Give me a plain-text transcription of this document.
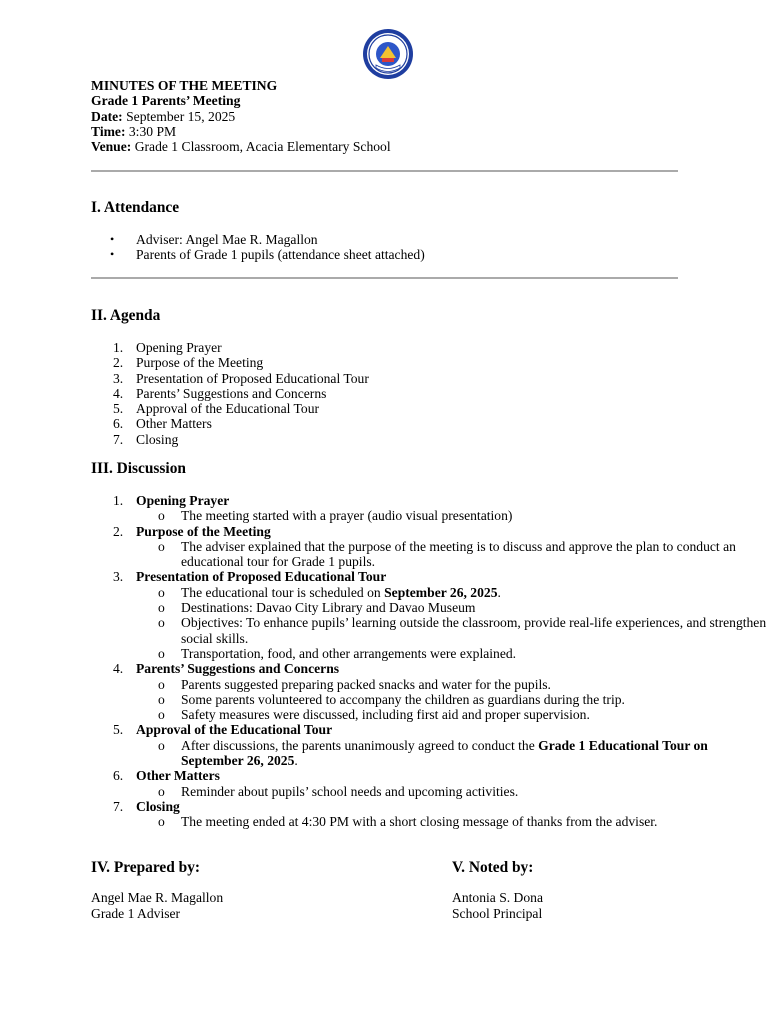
MINUTES OF THE MEETING
Grade 1 Parents’ Meeting
Date: September 15, 2025
Time: 3:30 PM
Venue: Grade 1 Classroom, Acacia Elementary School
I. Attendance
• Adviser: Angel Mae R. Magallon
• Parents of Grade 1 pupils (attendance sheet attached)
II. Agenda
1. Opening Prayer
2. Purpose of the Meeting
3. Presentation of Proposed Educational Tour
4. Parents’ Suggestions and Concerns
5. Approval of the Educational Tour
6. Other Matters
7. Closing
III. Discussion
1. Opening Prayer
o The meeting started with a prayer (audio visual presentation)
2. Purpose of the Meeting
o The adviser explained that the purpose of the meeting is to discuss and approve the plan to conduct an educational tour for Grade 1 pupils.
3. Presentation of Proposed Educational Tour
o The educational tour is scheduled on September 26, 2025.
o Destinations: Davao City Library and Davao Museum
o Objectives: To enhance pupils’ learning outside the classroom, provide real-life experiences, and strengthen social skills.
o Transportation, food, and other arrangements were explained.
4. Parents’ Suggestions and Concerns
o Parents suggested preparing packed snacks and water for the pupils.
o Some parents volunteered to accompany the children as guardians during the trip.
o Safety measures were discussed, including first aid and proper supervision.
5. Approval of the Educational Tour
o After discussions, the parents unanimously agreed to conduct the Grade 1 Educational Tour on September 26, 2025.
6. Other Matters
o Reminder about pupils’ school needs and upcoming activities.
7. Closing
o The meeting ended at 4:30 PM with a short closing message of thanks from the adviser.
IV. Prepared by:
Angel Mae R. Magallon
Grade 1 Adviser
V. Noted by:
Antonia S. Dona
School Principal
